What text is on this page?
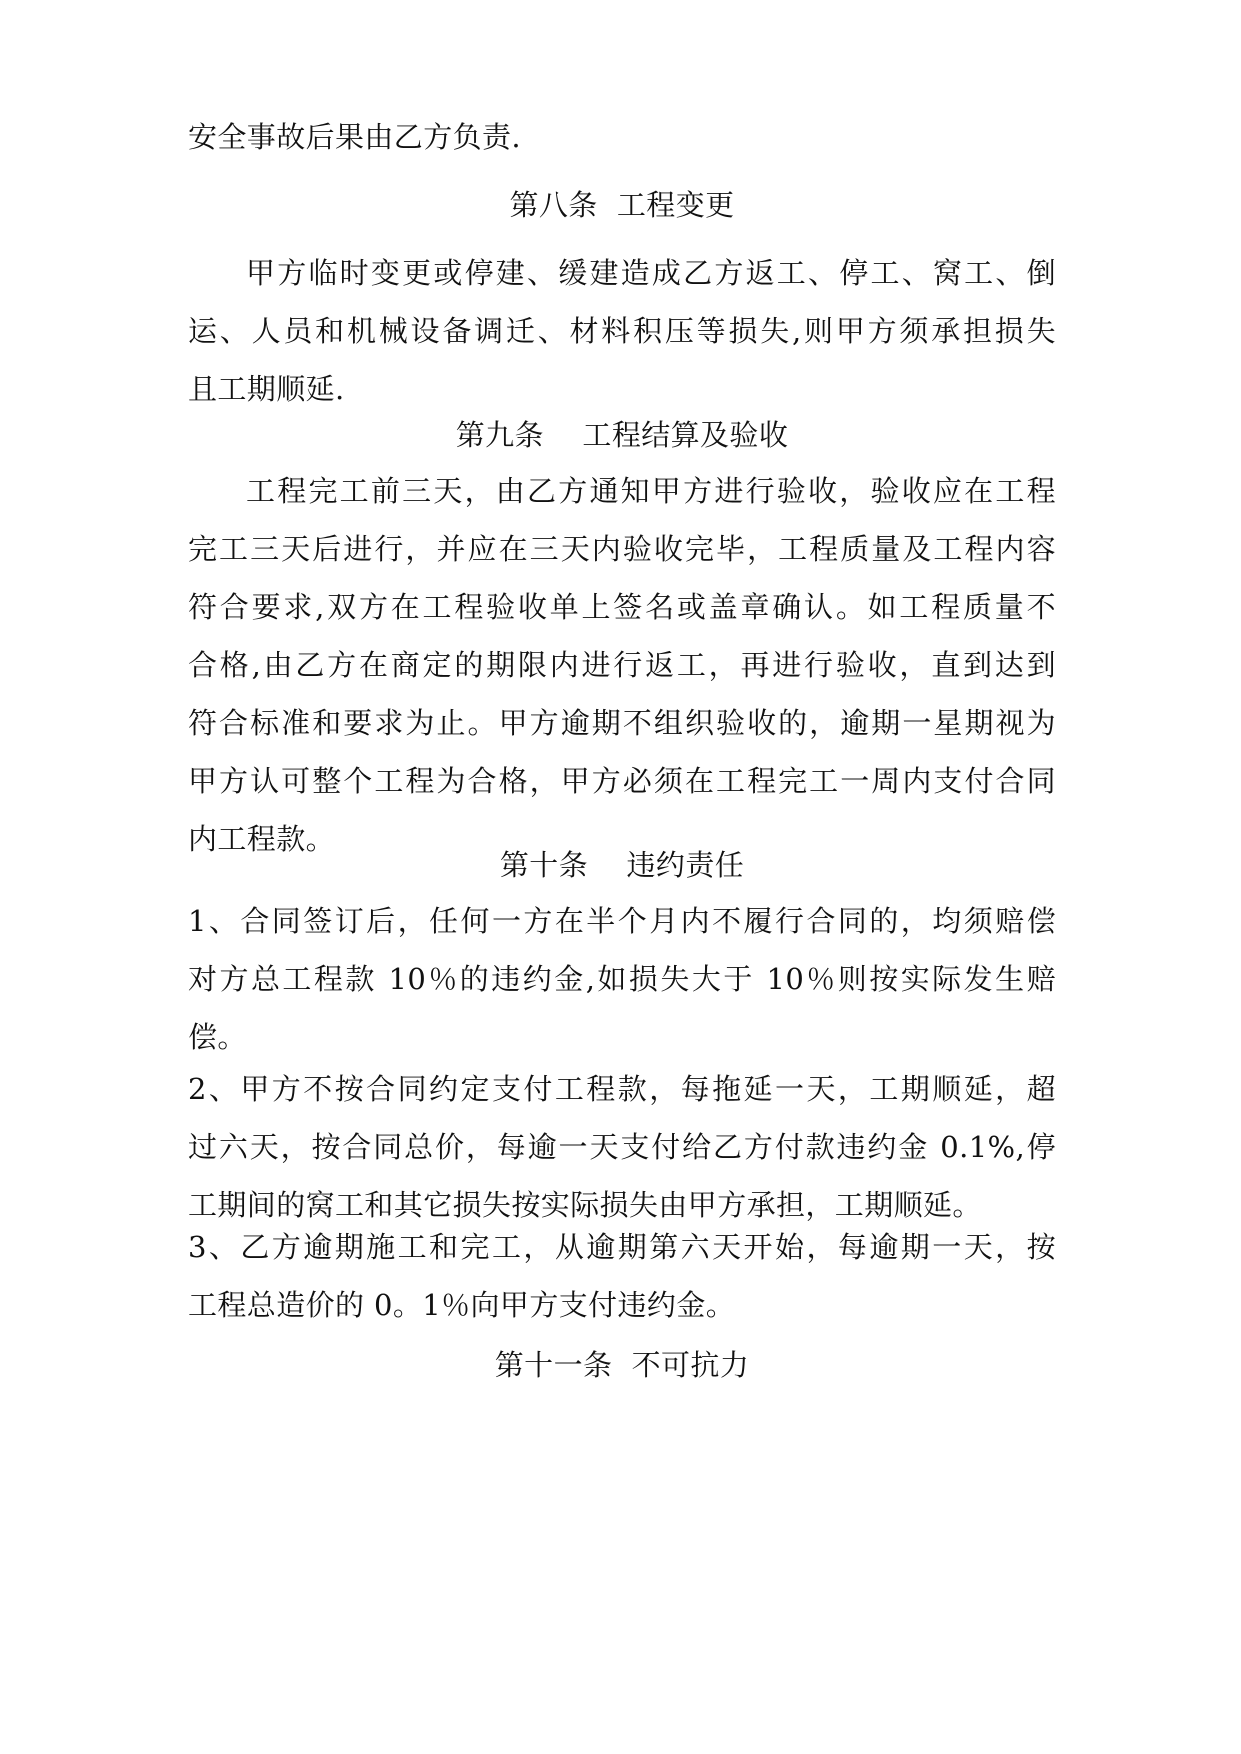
安全事故后果由乙方负责.
第八条  工程变更
甲方临时变更或停建、缓建造成乙方返工、停工、窝工、倒
运、人员和机械设备调迁、材料积压等损失,则甲方须承担损失
且工期顺延.
第九条    工程结算及验收
工程完工前三天，由乙方通知甲方进行验收，验收应在工程
完工三天后进行，并应在三天内验收完毕，工程质量及工程内容
符合要求,双方在工程验收单上签名或盖章确认。如工程质量不
合格,由乙方在商定的期限内进行返工，再进行验收，直到达到
符合标准和要求为止。甲方逾期不组织验收的，逾期一星期视为
甲方认可整个工程为合格，甲方必须在工程完工一周内支付合同
内工程款。
第十条    违约责任
1、合同签订后，任何一方在半个月内不履行合同的，均须赔偿
对方总工程款 10％的违约金,如损失大于 10％则按实际发生赔
偿。
2、甲方不按合同约定支付工程款，每拖延一天，工期顺延，超
过六天，按合同总价，每逾一天支付给乙方付款违约金 0.1%,停
工期间的窝工和其它损失按实际损失由甲方承担，工期顺延。
3、乙方逾期施工和完工，从逾期第六天开始，每逾期一天，按
工程总造价的 0。1％向甲方支付违约金。
第十一条  不可抗力
